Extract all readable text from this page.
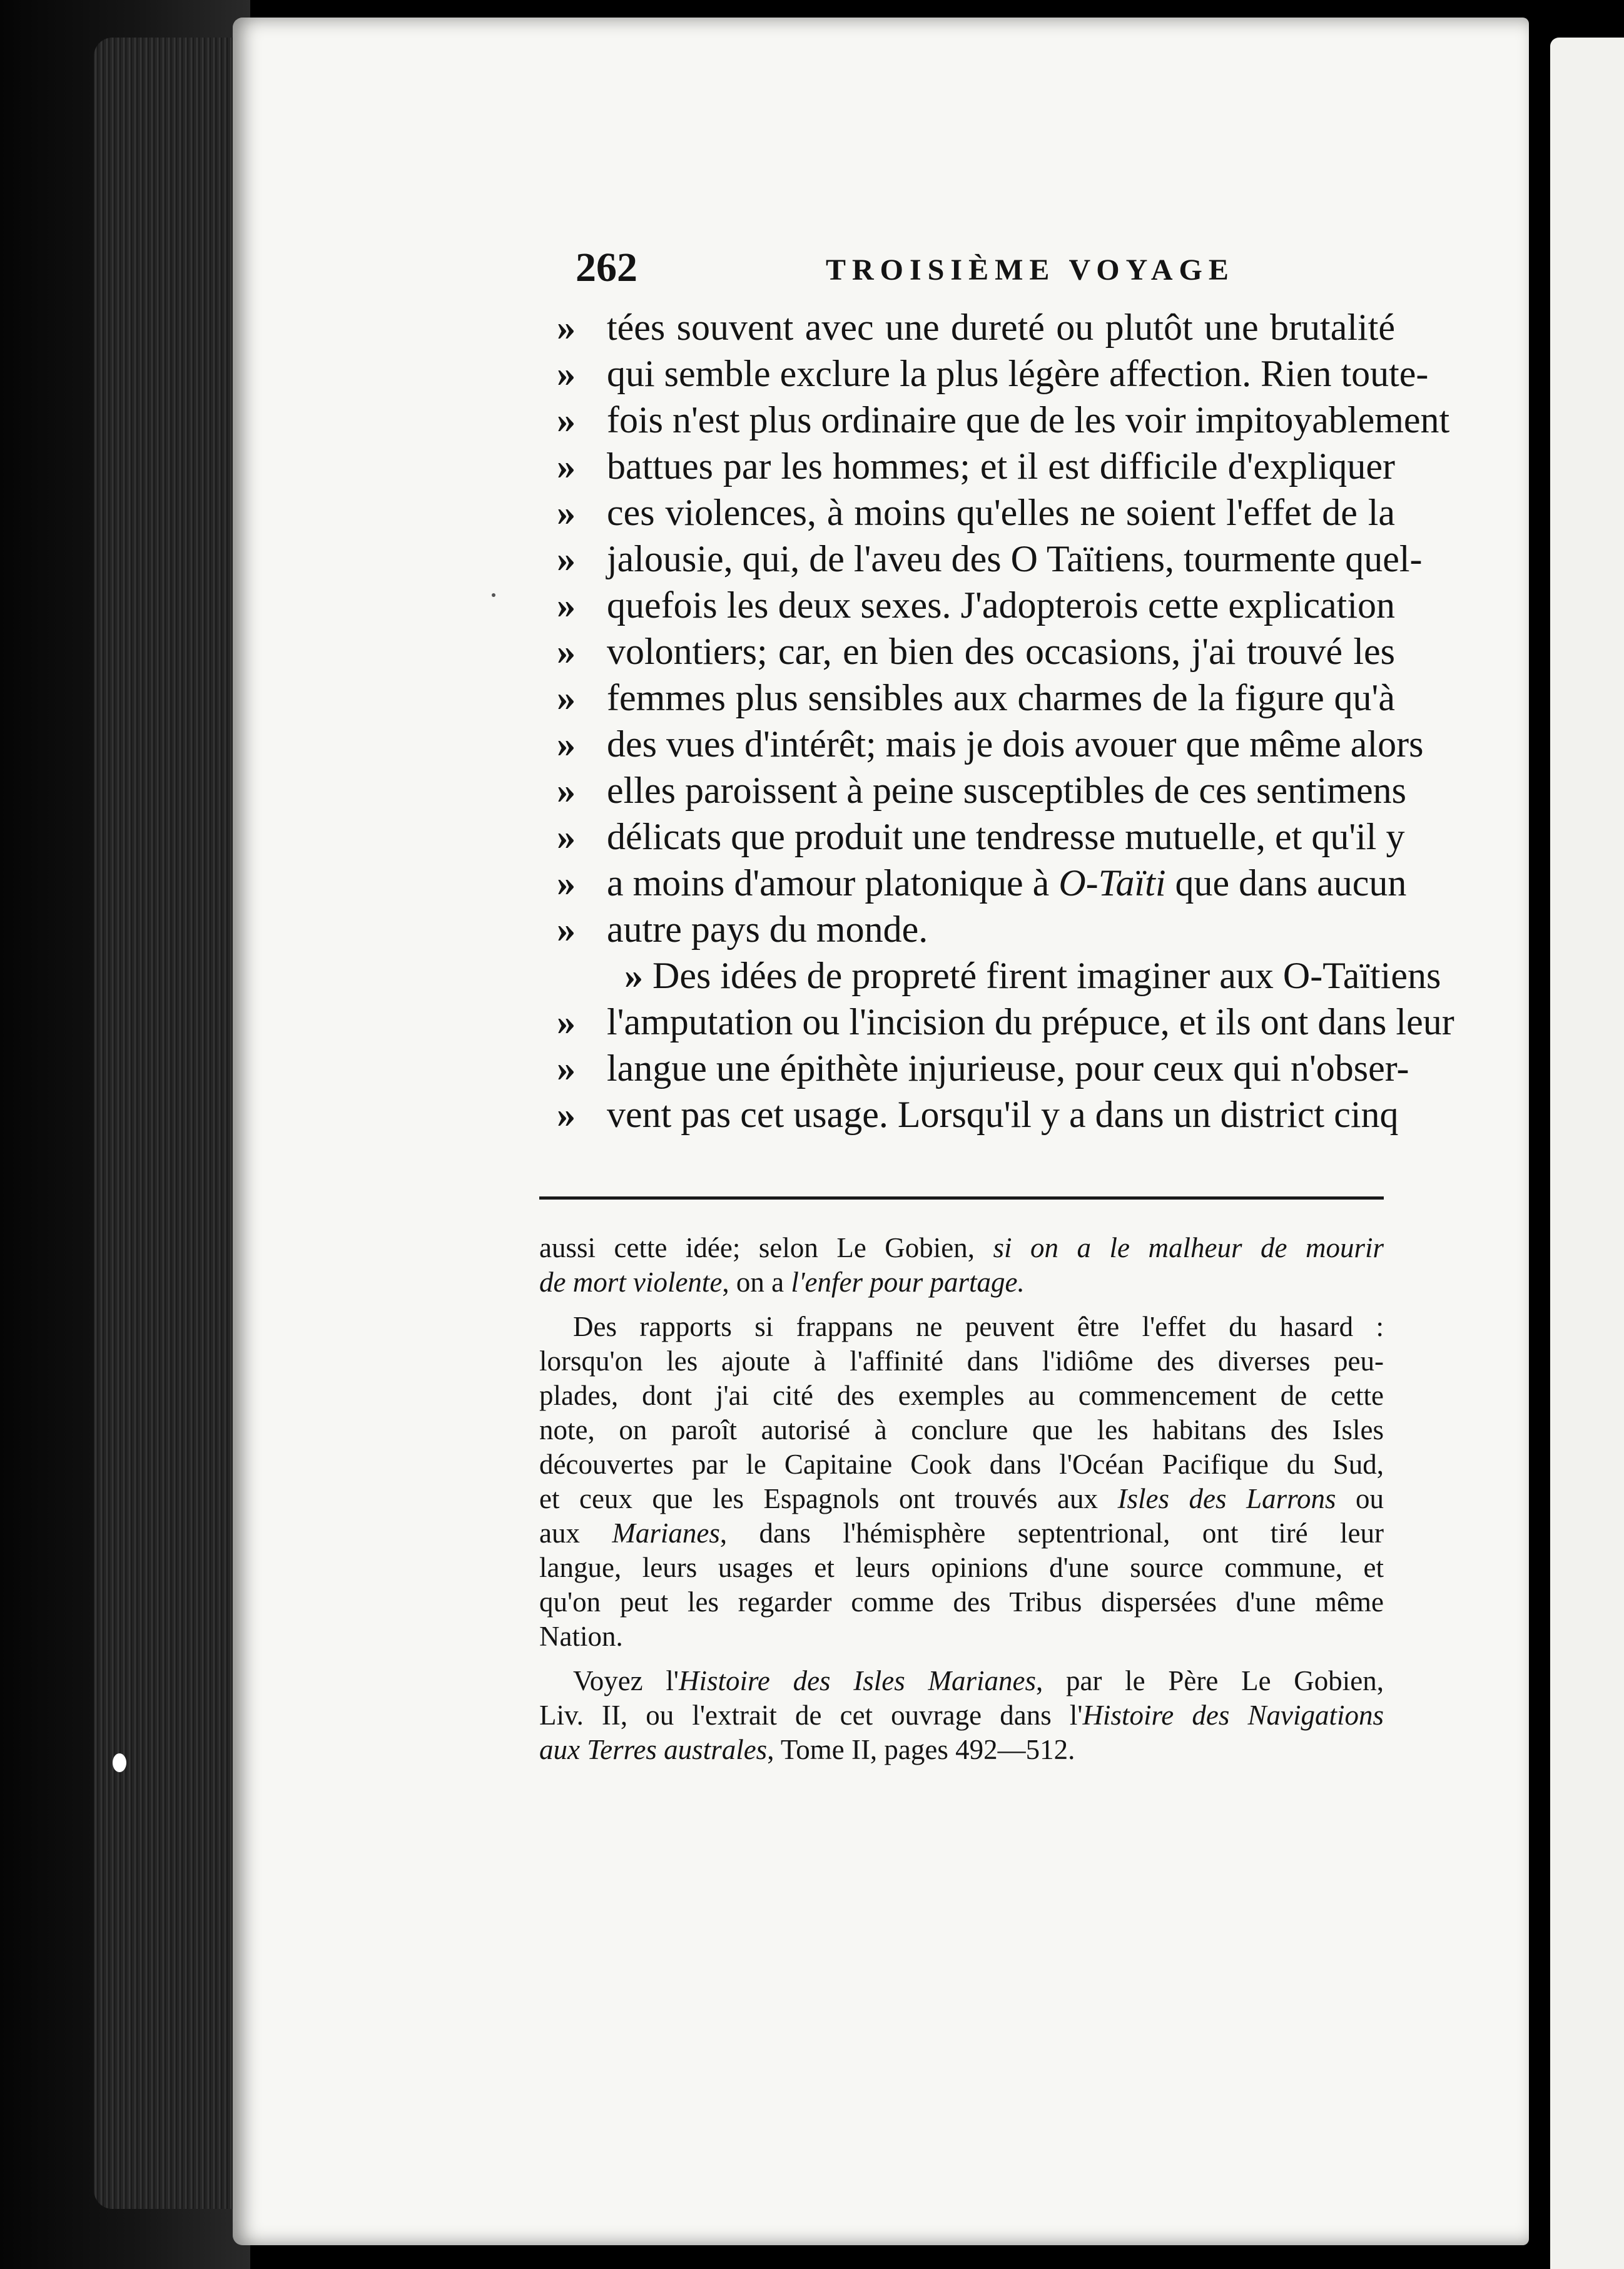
262	TROISIÈME VOYAGE
» tées souvent avec une dureté ou plutôt une brutalité
» qui semble exclure la plus légère affection. Rien toute-
» fois n'est plus ordinaire que de les voir impitoyablement
» battues par les hommes; et il est difficile d'expliquer
» ces violences, à moins qu'elles ne soient l'effet de la
» jalousie, qui, de l'aveu des O Taïtiens, tourmente quel-
» quefois les deux sexes. J'adopterois cette explication
» volontiers; car, en bien des occasions, j'ai trouvé les
» femmes plus sensibles aux charmes de la figure qu'à
» des vues d'intérêt; mais je dois avouer que même alors
» elles paroissent à peine susceptibles de ces sentimens
» délicats que produit une tendresse mutuelle, et qu'il y
» a moins d'amour platonique à O-Taïti que dans aucun
» autre pays du monde.
» Des idées de propreté firent imaginer aux O-Taïtiens
» l'amputation ou l'incision du prépuce, et ils ont dans leur
» langue une épithète injurieuse, pour ceux qui n'obser-
» vent pas cet usage. Lorsqu'il y a dans un district cinq
aussi cette idée; selon Le Gobien, si on a le malheur de mourir
de mort violente, on a l'enfer pour partage.
Des rapports si frappans ne peuvent être l'effet du hasard :
lorsqu'on les ajoute à l'affinité dans l'idiôme des diverses peu-
plades, dont j'ai cité des exemples au commencement de cette
note, on paroît autorisé à conclure que les habitans des Isles
découvertes par le Capitaine Cook dans l'Océan Pacifique du Sud,
et ceux que les Espagnols ont trouvés aux Isles des Larrons ou
aux Marianes, dans l'hémisphère septentrional, ont tiré leur
langue, leurs usages et leurs opinions d'une source commune, et
qu'on peut les regarder comme des Tribus dispersées d'une même
Nation.
Voyez l'Histoire des Isles Marianes, par le Père Le Gobien,
Liv. II, ou l'extrait de cet ouvrage dans l'Histoire des Navigations
aux Terres australes, Tome II, pages 492—512.
